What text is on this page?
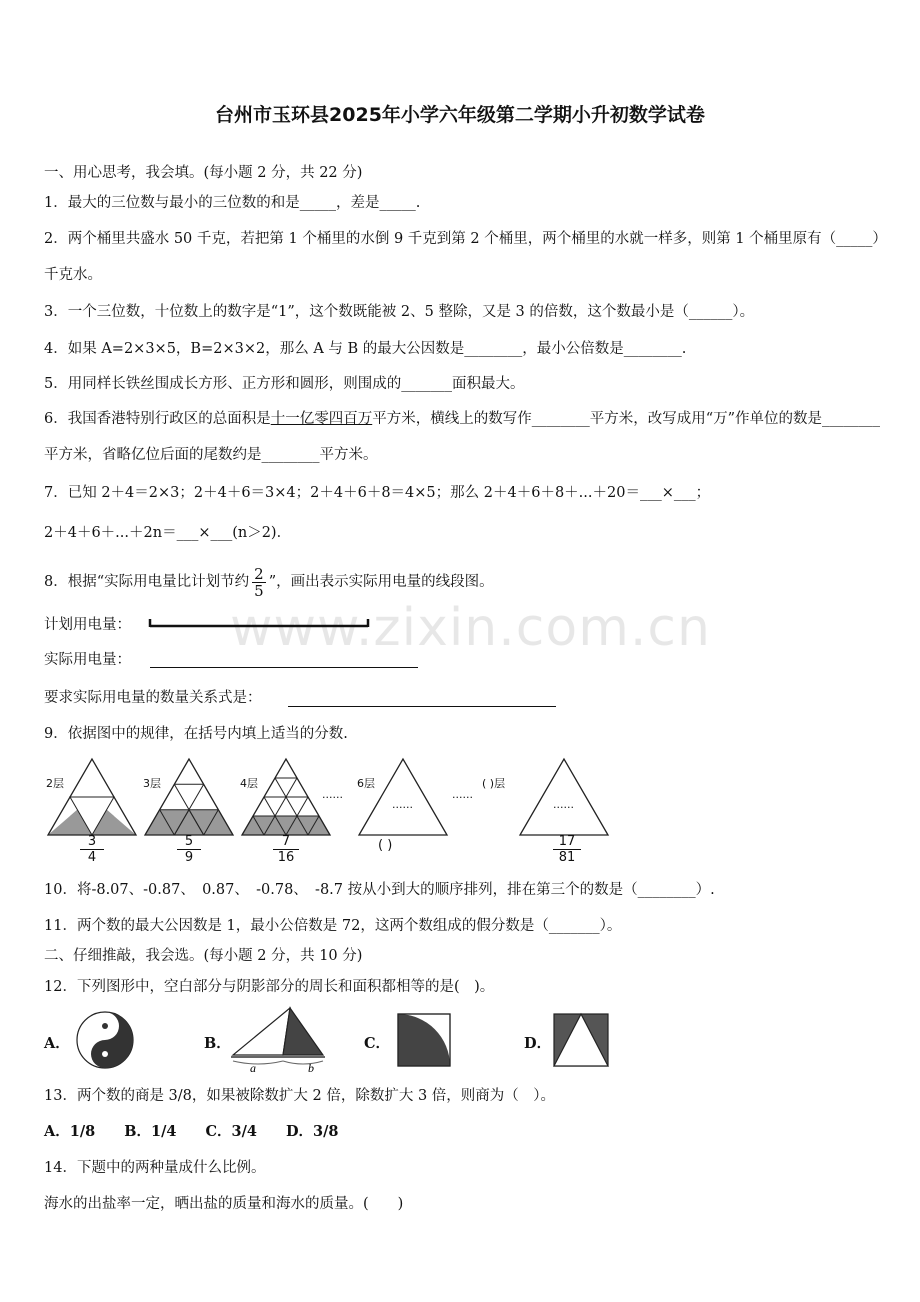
www.zixin.com.cn
台州市玉环县2025年小学六年级第二学期小升初数学试卷
一、用心思考，我会填。(每小题 2 分，共 22 分)
1．最大的三位数与最小的三位数的和是_____，差是_____.
2．两个桶里共盛水 50 千克，若把第 1 个桶里的水倒 9 千克到第 2 个桶里，两个桶里的水就一样多，则第 1 个桶里原有（_____）千克水。
3．一个三位数，十位数上的数字是“1”，这个数既能被 2、5 整除，又是 3 的倍数，这个数最小是（______）。
4．如果 A=2×3×5，B=2×3×2，那么 A 与 B 的最大公因数是________，最小公倍数是________.
5．用同样长铁丝围成长方形、正方形和圆形，则围成的_______面积最大。
6．我国香港特别行政区的总面积是十一亿零四百万平方米，横线上的数写作________平方米，改写成用“万”作单位的数是________平方米，省略亿位后面的尾数约是________平方米。
7．已知 2＋4＝2×3；2＋4＋6＝3×4；2＋4＋6＋8＝4×5；那么 2＋4＋6＋8＋...＋20＝___×___；
2＋4＋6＋...＋2n＝___×___(n＞2)．
8．根据“实际用电量比计划节约 $\frac{2}{5}$ ”，画出表示实际用电量的线段图。
计划用电量：
实际用电量：
要求实际用电量的数量关系式是：
9．依据图中的规律，在括号内填上适当的分数.
2层	3层	4层	6层	( )层
......	......
......	......
$\frac{3}{4}$	$\frac{5}{9}$	$\frac{7}{16}$	( )	$\frac{17}{81}$
10．将-8.07、-0.87、　0.87、　-0.78、　-8.7 按从小到大的顺序排列，排在第三个的数是（________）.
11．两个数的最大公因数是 1，最小公倍数是 72，这两个数组成的假分数是（_______）。
二、仔细推敲，我会选。(每小题 2 分，共 10 分)
12．下列图形中，空白部分与阴影部分的周长和面积都相等的是(　)。
A．	B．
a	b
C．	D．
13．两个数的商是 3/8，如果被除数扩大 2 倍，除数扩大 3 倍，则商为（　）。
A．1/8　　B．1/4　　C．3/4　　D．3/8
14．下题中的两种量成什么比例。
海水的出盐率一定，晒出盐的质量和海水的质量。(　　)
